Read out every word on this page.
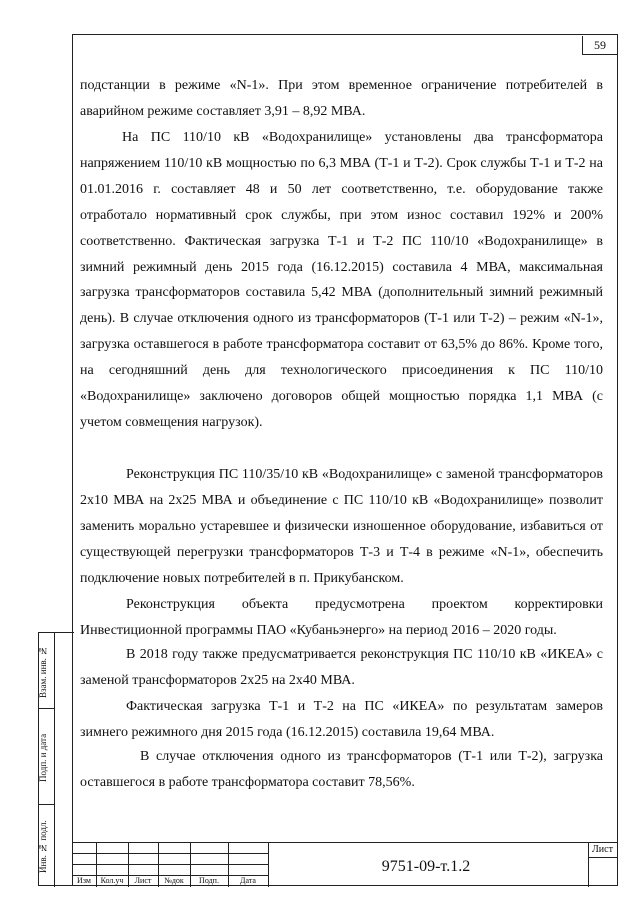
59

подстанции в режиме «N-1». При этом временное ограничение потребителей в аварийном режиме составляет 3,91 – 8,92 МВА.

На ПС 110/10 кВ «Водохранилище» установлены два трансформатора напряжением 110/10 кВ мощностью по 6,3 МВА (Т-1 и Т-2). Срок службы Т-1 и Т-2 на 01.01.2016 г. составляет 48 и 50 лет соответственно, т.е. оборудование также отработало нормативный срок службы, при этом износ составил 192% и 200% соответственно. Фактическая загрузка Т-1 и Т-2 ПС 110/10 «Водохранилище» в зимний режимный день 2015 года (16.12.2015) составила 4 МВА, максимальная загрузка трансформаторов составила 5,42 МВА (дополнительный зимний режимный день). В случае отключения одного из трансформаторов (Т-1 или Т-2) – режим «N-1», загрузка оставшегося в работе трансформатора составит от 63,5% до 86%. Кроме того, на сегодняшний день для технологического присоединения к ПС 110/10 «Водохранилище» заключено договоров общей мощностью порядка 1,1 МВА (с учетом совмещения нагрузок).

Реконструкция ПС 110/35/10 кВ «Водохранилище» с заменой трансформаторов 2х10 МВА на 2х25 МВА и объединение с ПС 110/10 кВ «Водохранилище» позволит заменить морально устаревшее и физически изношенное оборудование, избавиться от существующей перегрузки трансформаторов Т-3 и Т-4 в режиме «N-1», обеспечить подключение новых потребителей в п. Прикубанском.

Реконструкция объекта предусмотрена проектом корректировки Инвестиционной программы ПАО «Кубаньэнерго» на период 2016 – 2020 годы.

В 2018 году также предусматривается реконструкция ПС 110/10 кВ «ИКЕА» с заменой трансформаторов 2х25 на 2х40 МВА.

Фактическая загрузка Т-1 и Т-2 на ПС «ИКЕА» по результатам замеров зимнего режимного дня 2015 года (16.12.2015) составила 19,64 МВА.

В случае отключения одного из трансформаторов (Т-1 или Т-2), загрузка оставшегося в работе трансформатора составит 78,56%.

Взам. инв. №
Подп. и дата
Инв. № подл.
Изм	Кол.уч	Лист	№док	Подп.	Дата
9751-09-т.1.2
Лист
